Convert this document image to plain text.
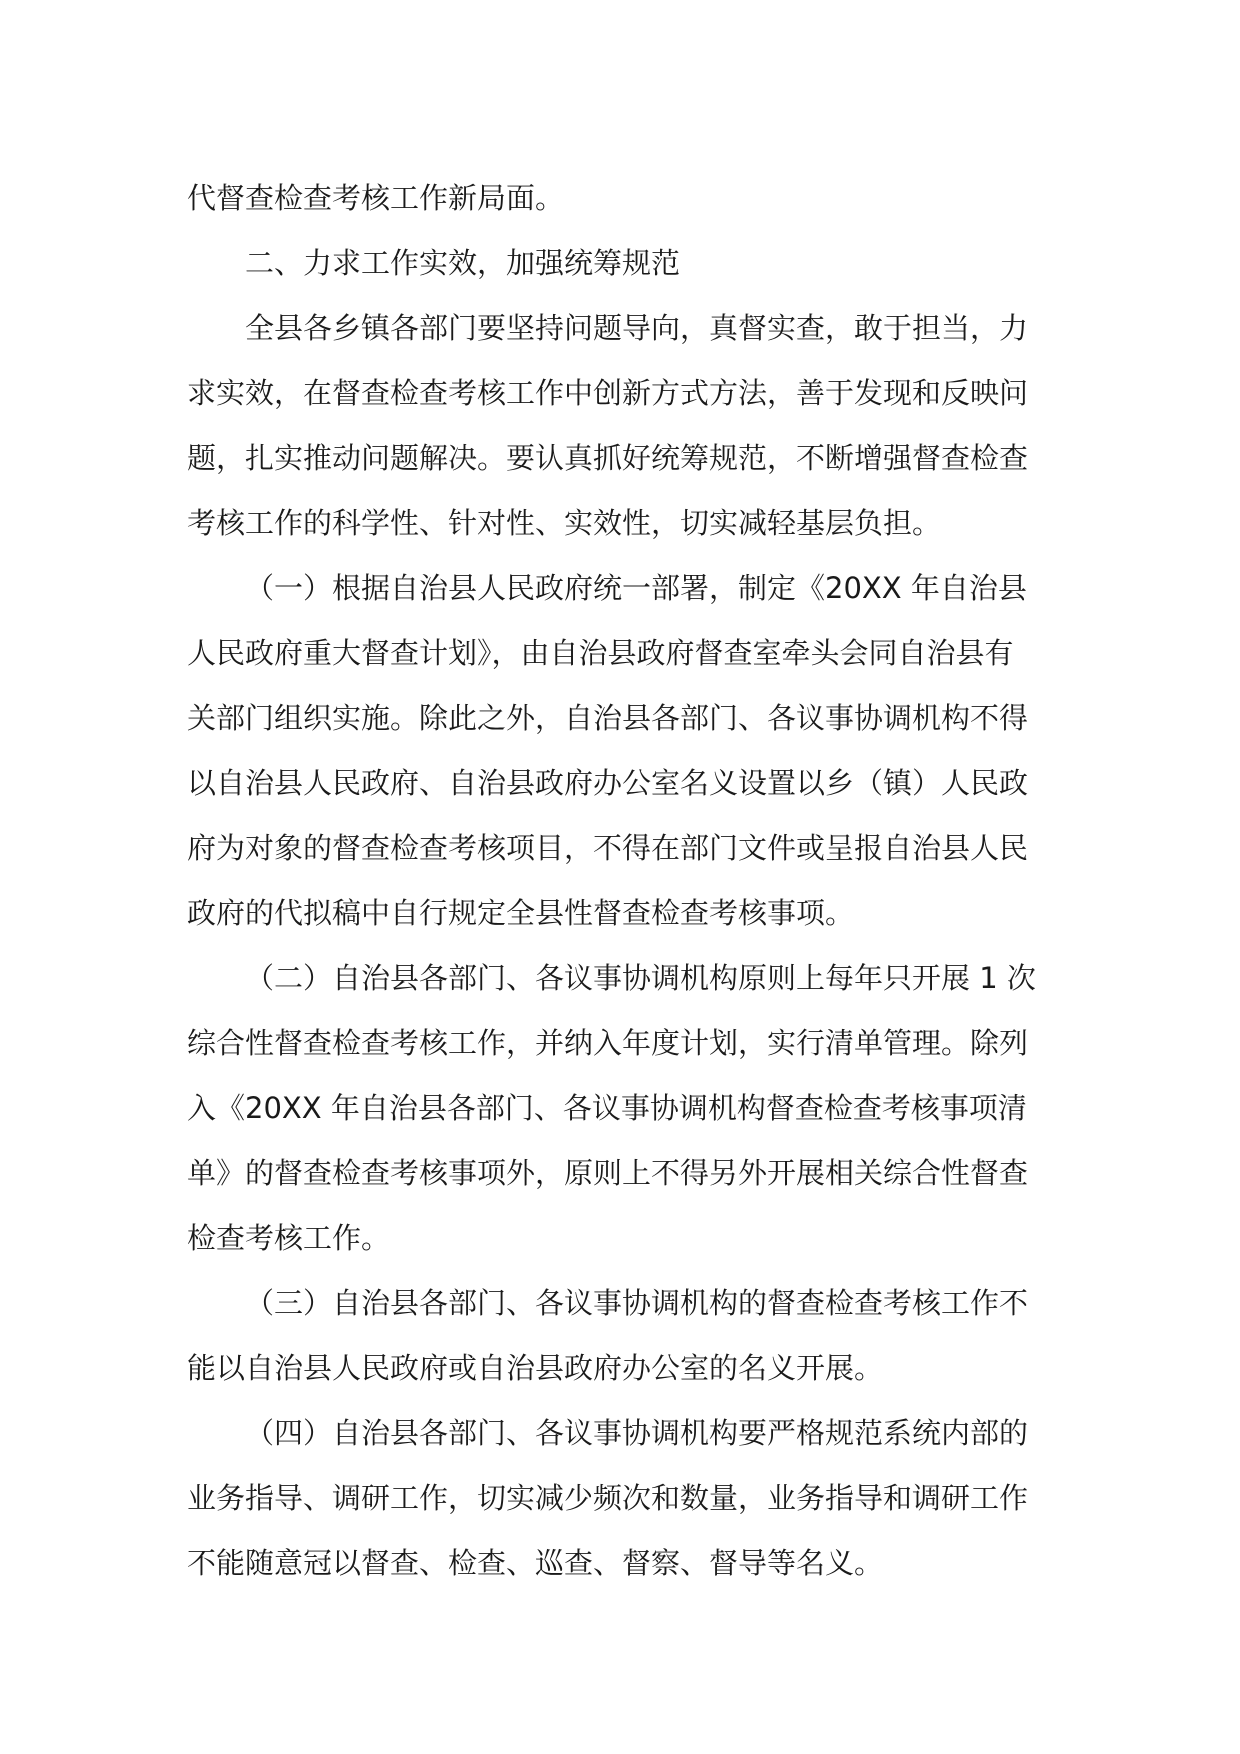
代督查检查考核工作新局面。
二、力求工作实效，加强统筹规范
全县各乡镇各部门要坚持问题导向，真督实查，敢于担当，力
求实效，在督查检查考核工作中创新方式方法，善于发现和反映问
题，扎实推动问题解决。要认真抓好统筹规范，不断增强督查检查
考核工作的科学性、针对性、实效性，切实减轻基层负担。
（一）根据自治县人民政府统一部署，制定《20XX 年自治县
人民政府重大督查计划》，由自治县政府督查室牵头会同自治县有
关部门组织实施。除此之外，自治县各部门、各议事协调机构不得
以自治县人民政府、自治县政府办公室名义设置以乡（镇）人民政
府为对象的督查检查考核项目，不得在部门文件或呈报自治县人民
政府的代拟稿中自行规定全县性督查检查考核事项。
（二）自治县各部门、各议事协调机构原则上每年只开展 1 次
综合性督查检查考核工作，并纳入年度计划，实行清单管理。除列
入《20XX 年自治县各部门、各议事协调机构督查检查考核事项清
单》的督查检查考核事项外，原则上不得另外开展相关综合性督查
检查考核工作。
（三）自治县各部门、各议事协调机构的督查检查考核工作不
能以自治县人民政府或自治县政府办公室的名义开展。
（四）自治县各部门、各议事协调机构要严格规范系统内部的
业务指导、调研工作，切实减少频次和数量，业务指导和调研工作
不能随意冠以督查、检查、巡查、督察、督导等名义。
